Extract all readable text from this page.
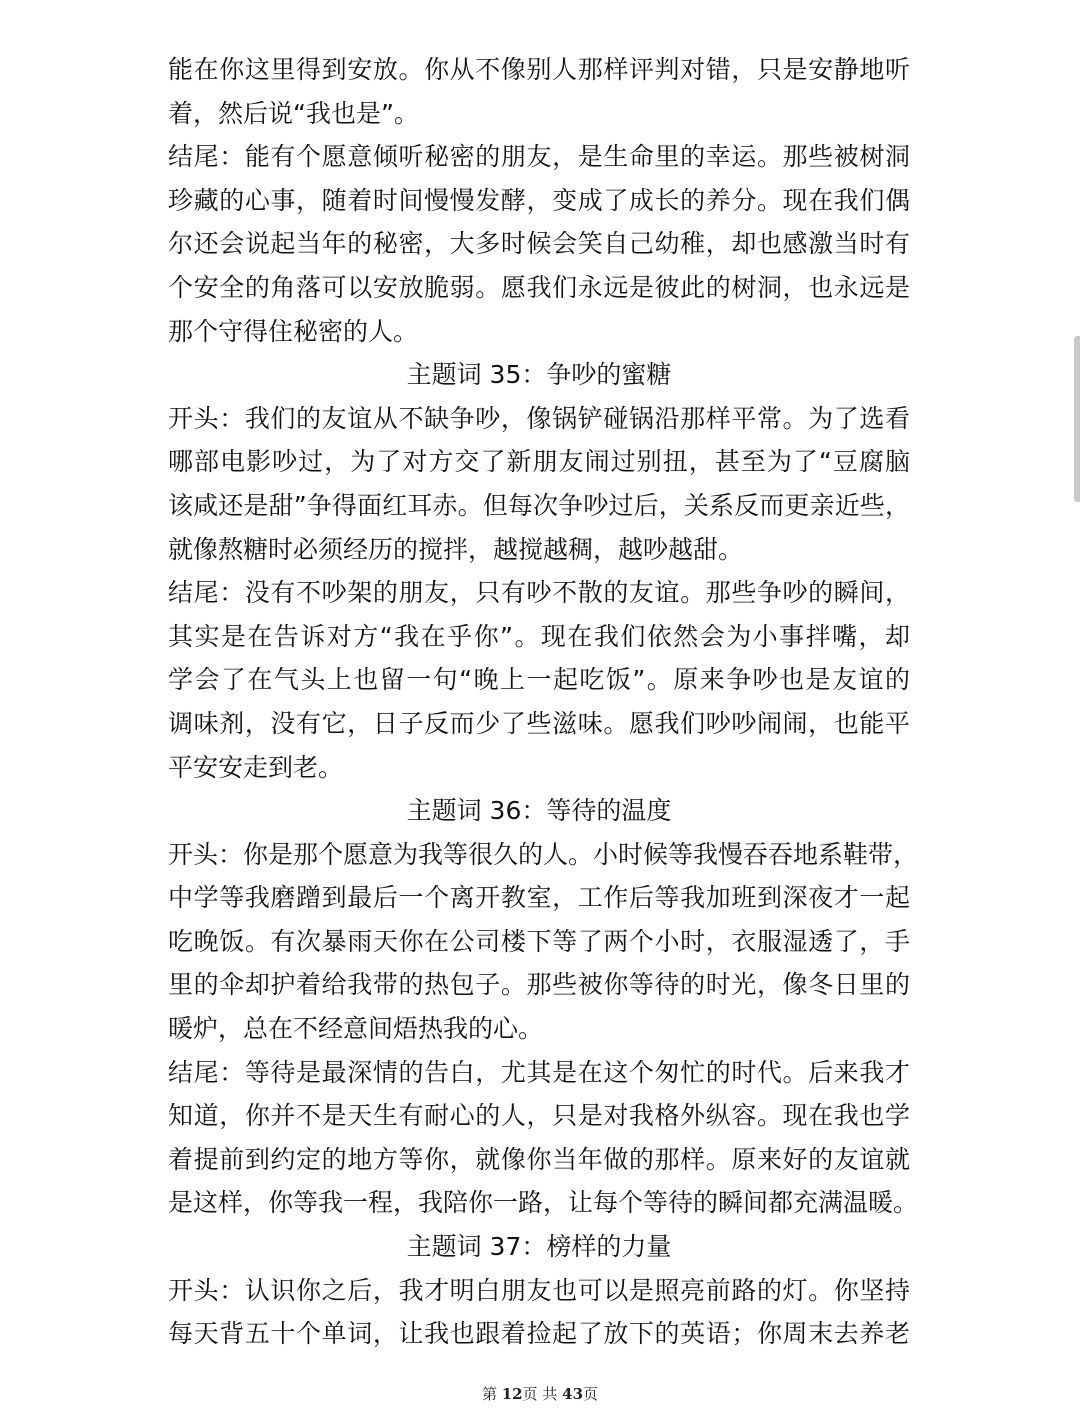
能在你这里得到安放。你从不像别人那样评判对错，只是安静地听
着，然后说“我也是”。
结尾：能有个愿意倾听秘密的朋友，是生命里的幸运。那些被树洞
珍藏的心事，随着时间慢慢发酵，变成了成长的养分。现在我们偶
尔还会说起当年的秘密，大多时候会笑自己幼稚，却也感激当时有
个安全的角落可以安放脆弱。愿我们永远是彼此的树洞，也永远是
那个守得住秘密的人。
主题词 35：争吵的蜜糖
开头：我们的友谊从不缺争吵，像锅铲碰锅沿那样平常。为了选看
哪部电影吵过，为了对方交了新朋友闹过别扭，甚至为了“豆腐脑
该咸还是甜”争得面红耳赤。但每次争吵过后，关系反而更亲近些，
就像熬糖时必须经历的搅拌，越搅越稠，越吵越甜。
结尾：没有不吵架的朋友，只有吵不散的友谊。那些争吵的瞬间，
其实是在告诉对方“我在乎你”。现在我们依然会为小事拌嘴，却
学会了在气头上也留一句“晚上一起吃饭”。原来争吵也是友谊的
调味剂，没有它，日子反而少了些滋味。愿我们吵吵闹闹，也能平
平安安走到老。
主题词 36：等待的温度
开头：你是那个愿意为我等很久的人。小时候等我慢吞吞地系鞋带，
中学等我磨蹭到最后一个离开教室，工作后等我加班到深夜才一起
吃晚饭。有次暴雨天你在公司楼下等了两个小时，衣服湿透了，手
里的伞却护着给我带的热包子。那些被你等待的时光，像冬日里的
暖炉，总在不经意间焐热我的心。
结尾：等待是最深情的告白，尤其是在这个匆忙的时代。后来我才
知道，你并不是天生有耐心的人，只是对我格外纵容。现在我也学
着提前到约定的地方等你，就像你当年做的那样。原来好的友谊就
是这样，你等我一程，我陪你一路，让每个等待的瞬间都充满温暖。
主题词 37：榜样的力量
开头：认识你之后，我才明白朋友也可以是照亮前路的灯。你坚持
每天背五十个单词，让我也跟着捡起了放下的英语；你周末去养老
第 12页 共 43页
